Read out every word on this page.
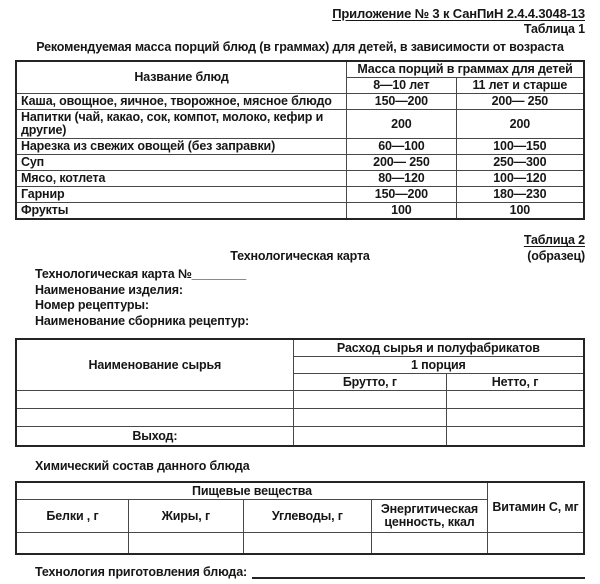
Приложение № 3 к СанПиН 2.4.4.3048-13
Таблица 1
Рекомендуемая масса порций блюд (в граммах) для детей, в зависимости от возраста
Название блюд	Масса порций в граммах для детей	
	8—10 лет	11 лет и старше
Каша, овощное, яичное, творожное, мясное блюдо	150—200	200— 250
Напитки (чай, какао, сок, компот, молоко, кефир и другие)	200	200
Нарезка из свежих овощей (без заправки)	60—100	100—150
Суп	200— 250	250—300
Мясо, котлета	80—120	100—120
Гарнир	150—200	180—230
Фрукты	100	100
Таблица 2
Технологическая карта	(образец)
Технологическая карта №________
Наименование изделия:
Номер рецептуры:
Наименование сборника рецептур:
Наименование сырья	Расход сырья и полуфабрикатов	
	1 порция	
	Брутто, г	Нетто, г

Выход:		
Химический состав данного блюда
Пищевые вещества				Витамин С, мг
Белки , г	Жиры, г	Углеводы, г	Энергитическая ценность, ккал	

Технология приготовления блюда:
